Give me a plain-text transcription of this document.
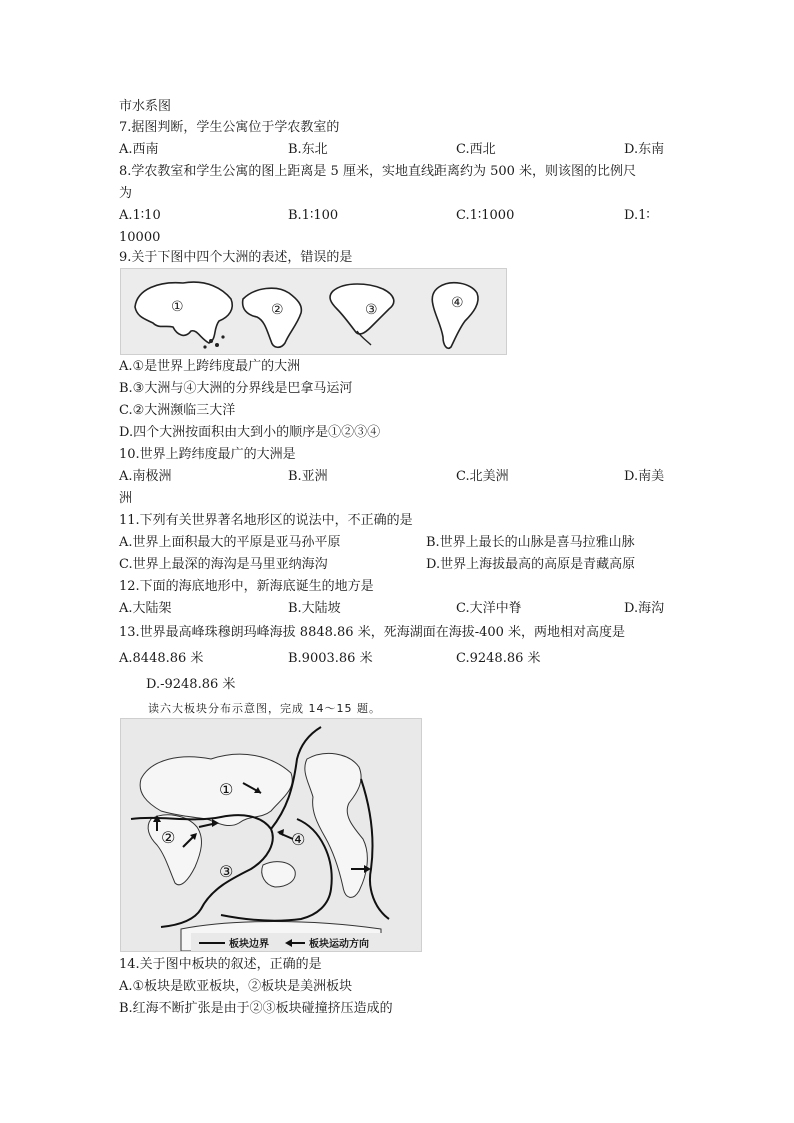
市水系图
7.据图判断，学生公寓位于学农教室的
A.西南	B.东北	C.西北	D.东南
8.学农教室和学生公寓的图上距离是 5 厘米，实地直线距离约为 500 米，则该图的比例尺
为
A.1∶10	B.1∶100	C.1∶1000	D.1∶
10000
9.关于下图中四个大洲的表述，错误的是
①	②	③	④
A.①是世界上跨纬度最广的大洲
B.③大洲与④大洲的分界线是巴拿马运河
C.②大洲濒临三大洋
D.四个大洲按面积由大到小的顺序是①②③④
10.世界上跨纬度最广的大洲是
A.南极洲	B.亚洲	C.北美洲	D.南美
洲
11.下列有关世界著名地形区的说法中，不正确的是
A.世界上面积最大的平原是亚马孙平原	B.世界上最长的山脉是喜马拉雅山脉
C.世界上最深的海沟是马里亚纳海沟	D.世界上海拔最高的高原是青藏高原
12.下面的海底地形中，新海底诞生的地方是
A.大陆架	B.大陆坡	C.大洋中脊	D.海沟
13.世界最高峰珠穆朗玛峰海拔 8848.86 米，死海湖面在海拔-400 米，两地相对高度是
A.8448.86 米	B.9003.86 米	C.9248.86 米
D.-9248.86 米
读六大板块分布示意图，完成 14～15 题。
①
②
③
④
板块边界	板块运动方向
14.关于图中板块的叙述，正确的是
A.①板块是欧亚板块，②板块是美洲板块
B.红海不断扩张是由于②③板块碰撞挤压造成的
